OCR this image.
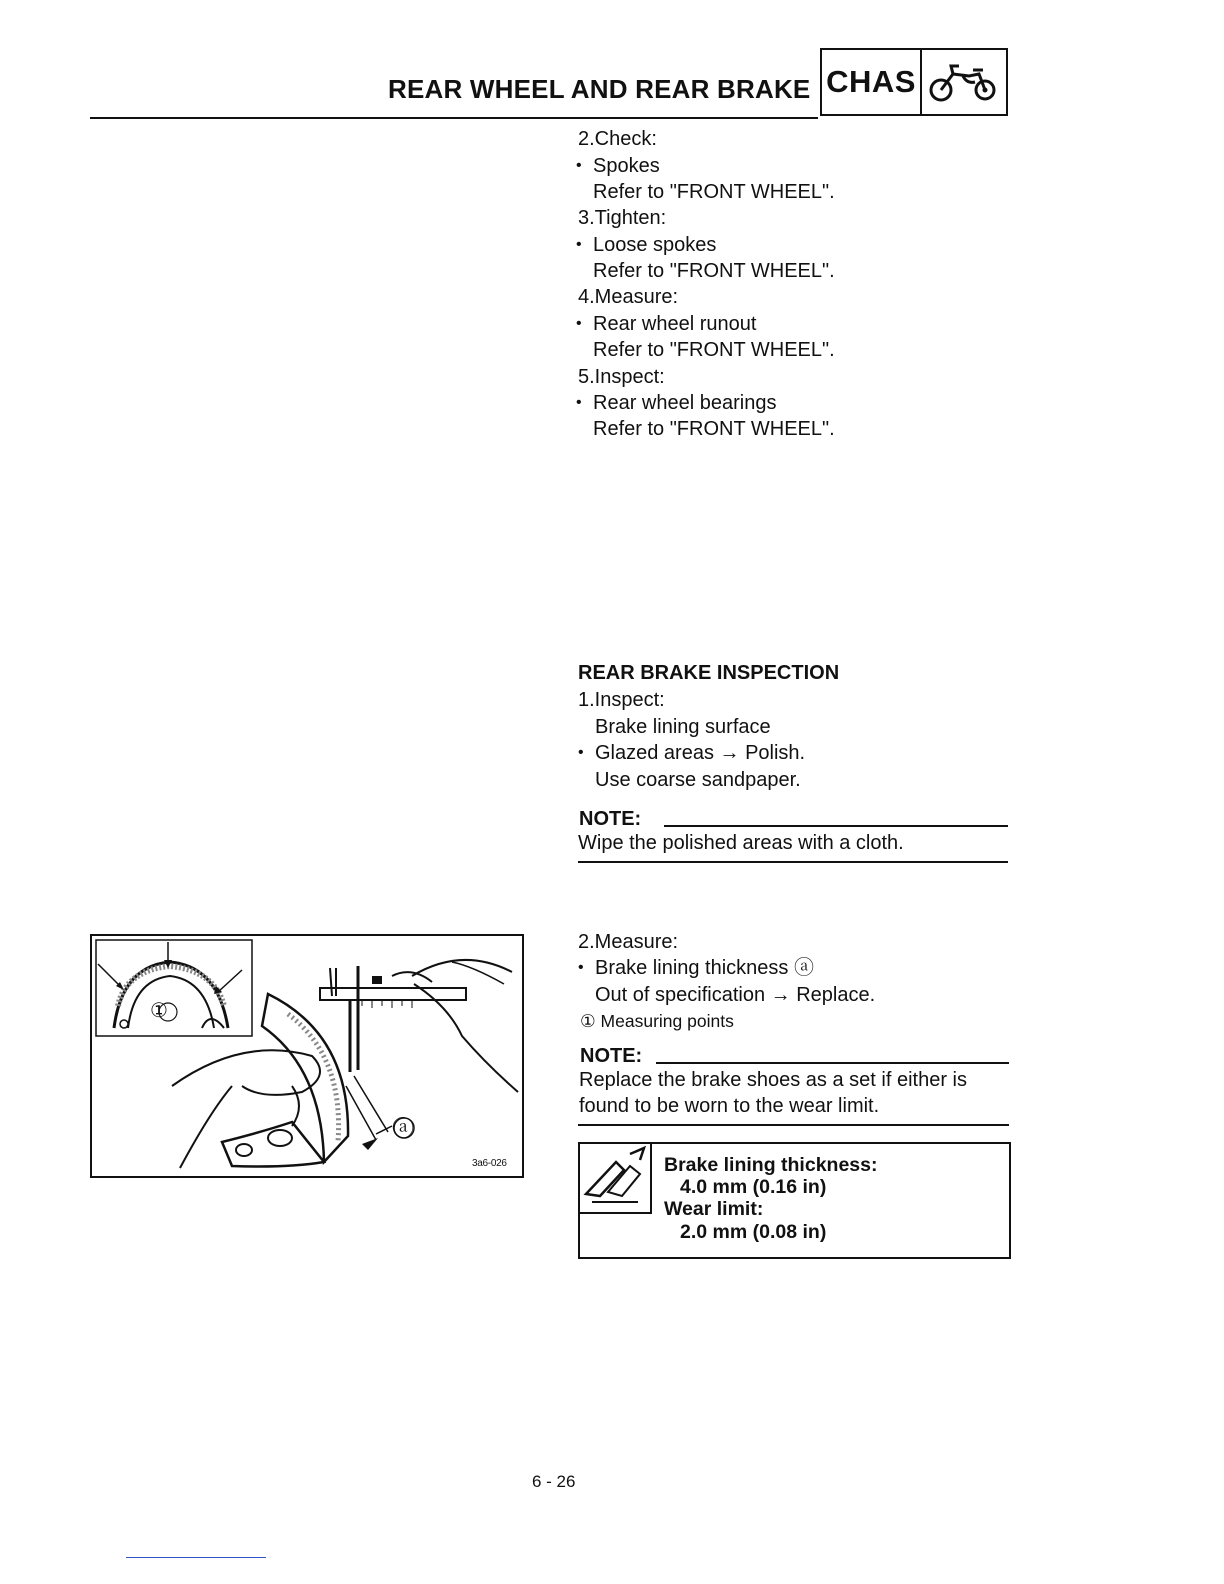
REAR WHEEL AND REAR BRAKE CHAS
2.Check:
• Spokes
Refer to "FRONT WHEEL".
3.Tighten:
• Loose spokes
Refer to "FRONT WHEEL".
4.Measure:
• Rear wheel runout
Refer to "FRONT WHEEL".
5.Inspect:
• Rear wheel bearings
Refer to "FRONT WHEEL".
REAR BRAKE INSPECTION
1.Inspect:
Brake lining surface
• Glazed areas → Polish.
Use coarse sandpaper.
NOTE:
Wipe the polished areas with a cloth.
2.Measure:
• Brake lining thickness ⓐ
Out of specification → Replace.
① Measuring points
NOTE:
Replace the brake shoes as a set if either is
found to be worn to the wear limit.
①
ⓐ
3a6-026	Brake lining thickness:
4.0 mm (0.16 in)
Wear limit:
2.0 mm (0.08 in)
6 - 26
